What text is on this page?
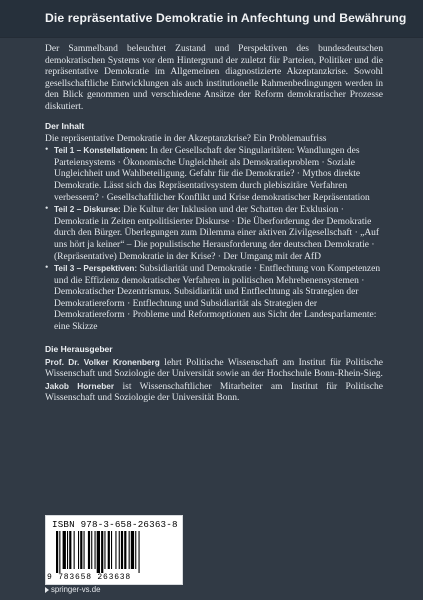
Die repräsentative Demokratie in Anfechtung und Bewährung

Der Sammelband beleuchtet Zustand und Perspektiven des bundesdeutschen demokratischen Systems vor dem Hintergrund der zuletzt für Parteien, Politiker und die repräsentative Demokratie im Allgemeinen diagnostizierte Akzeptanzkrise. Sowohl gesellschaftliche Entwicklungen als auch institutionelle Rahmenbedingungen werden in den Blick genommen und verschiedene Ansätze der Reform demokratischer Prozesse diskutiert.

Der Inhalt

Die repräsentative Demokratie in der Akzeptanzkrise? Ein Problemaufriss

• Teil 1 – Konstellationen: In der Gesellschaft der Singularitäten: Wandlungen des Parteiensystems · Ökonomische Ungleichheit als Demokratieproblem · Soziale Ungleichheit und Wahlbeteiligung. Gefahr für die Demokratie? · Mythos direkte Demokratie. Lässt sich das Repräsentativsystem durch plebiszitäre Verfahren verbessern? · Gesellschaftlicher Konflikt und Krise demokratischer Repräsentation
• Teil 2 – Diskurse: Die Kultur der Inklusion und der Schatten der Exklusion · Demokratie in Zeiten entpolitisierter Diskurse · Die Überforderung der Demokratie durch den Bürger. Überlegungen zum Dilemma einer aktiven Zivilgesellschaft · „Auf uns hört ja keiner“ – Die populistische Herausforderung der deutschen Demokratie · (Repräsentative) Demokratie in der Krise? · Der Umgang mit der AfD
• Teil 3 – Perspektiven: Subsidiarität und Demokratie · Entflechtung von Kompetenzen und die Effizienz demokratischer Verfahren in politischen Mehrebenensystemen · Demokratischer Dezentrismus. Subsidiarität und Entflechtung als Strategien der Demokratiereform · Entflechtung und Subsidiarität als Strategien der Demokratiereform · Probleme und Reformoptionen aus Sicht der Landesparlamente: eine Skizze
Die Herausgeber

Prof. Dr. Volker Kronenberg lehrt Politische Wissenschaft am Institut für Politische Wissenschaft und Soziologie der Universität sowie an der Hochschule Bonn-Rhein-Sieg.

Jakob Horneber ist Wissenschaftlicher Mitarbeiter am Institut für Politische Wissenschaft und Soziologie der Universität Bonn.

ISBN 978-3-658-26363-8
9 783658 263638
springer-vs.de
